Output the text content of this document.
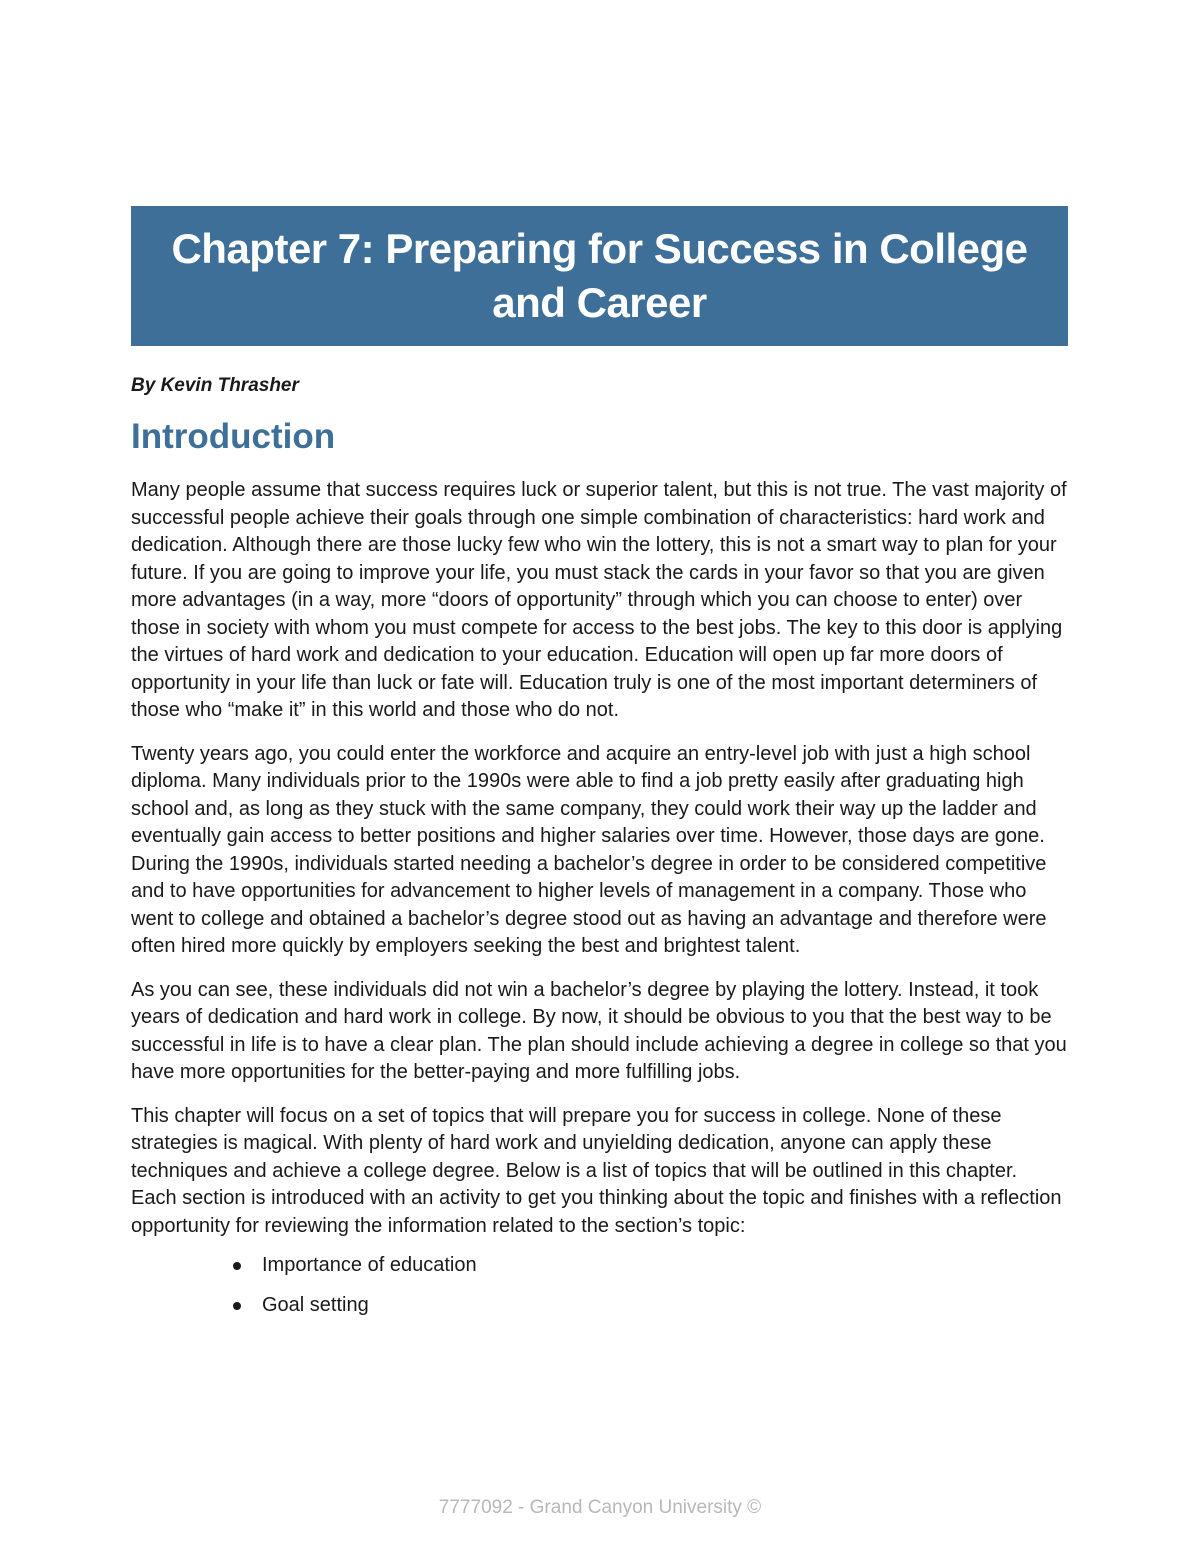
Chapter 7: Preparing for Success in College and Career

By Kevin Thrasher

Introduction

Many people assume that success requires luck or superior talent, but this is not true. The vast majority of successful people achieve their goals through one simple combination of characteristics: hard work and dedication. Although there are those lucky few who win the lottery, this is not a smart way to plan for your future. If you are going to improve your life, you must stack the cards in your favor so that you are given more advantages (in a way, more “doors of opportunity” through which you can choose to enter) over those in society with whom you must compete for access to the best jobs. The key to this door is applying the virtues of hard work and dedication to your education. Education will open up far more doors of opportunity in your life than luck or fate will. Education truly is one of the most important determiners of those who “make it” in this world and those who do not.

Twenty years ago, you could enter the workforce and acquire an entry-level job with just a high school diploma. Many individuals prior to the 1990s were able to find a job pretty easily after graduating high school and, as long as they stuck with the same company, they could work their way up the ladder and eventually gain access to better positions and higher salaries over time. However, those days are gone. During the 1990s, individuals started needing a bachelor’s degree in order to be considered competitive and to have opportunities for advancement to higher levels of management in a company. Those who went to college and obtained a bachelor’s degree stood out as having an advantage and therefore were often hired more quickly by employers seeking the best and brightest talent.

As you can see, these individuals did not win a bachelor’s degree by playing the lottery. Instead, it took years of dedication and hard work in college. By now, it should be obvious to you that the best way to be successful in life is to have a clear plan. The plan should include achieving a degree in college so that you have more opportunities for the better-paying and more fulfilling jobs.

This chapter will focus on a set of topics that will prepare you for success in college. None of these strategies is magical. With plenty of hard work and unyielding dedication, anyone can apply these techniques and achieve a college degree. Below is a list of topics that will be outlined in this chapter. Each section is introduced with an activity to get you thinking about the topic and finishes with a reflection opportunity for reviewing the information related to the section’s topic:

Importance of education
Goal setting
7777092 - Grand Canyon University ©
